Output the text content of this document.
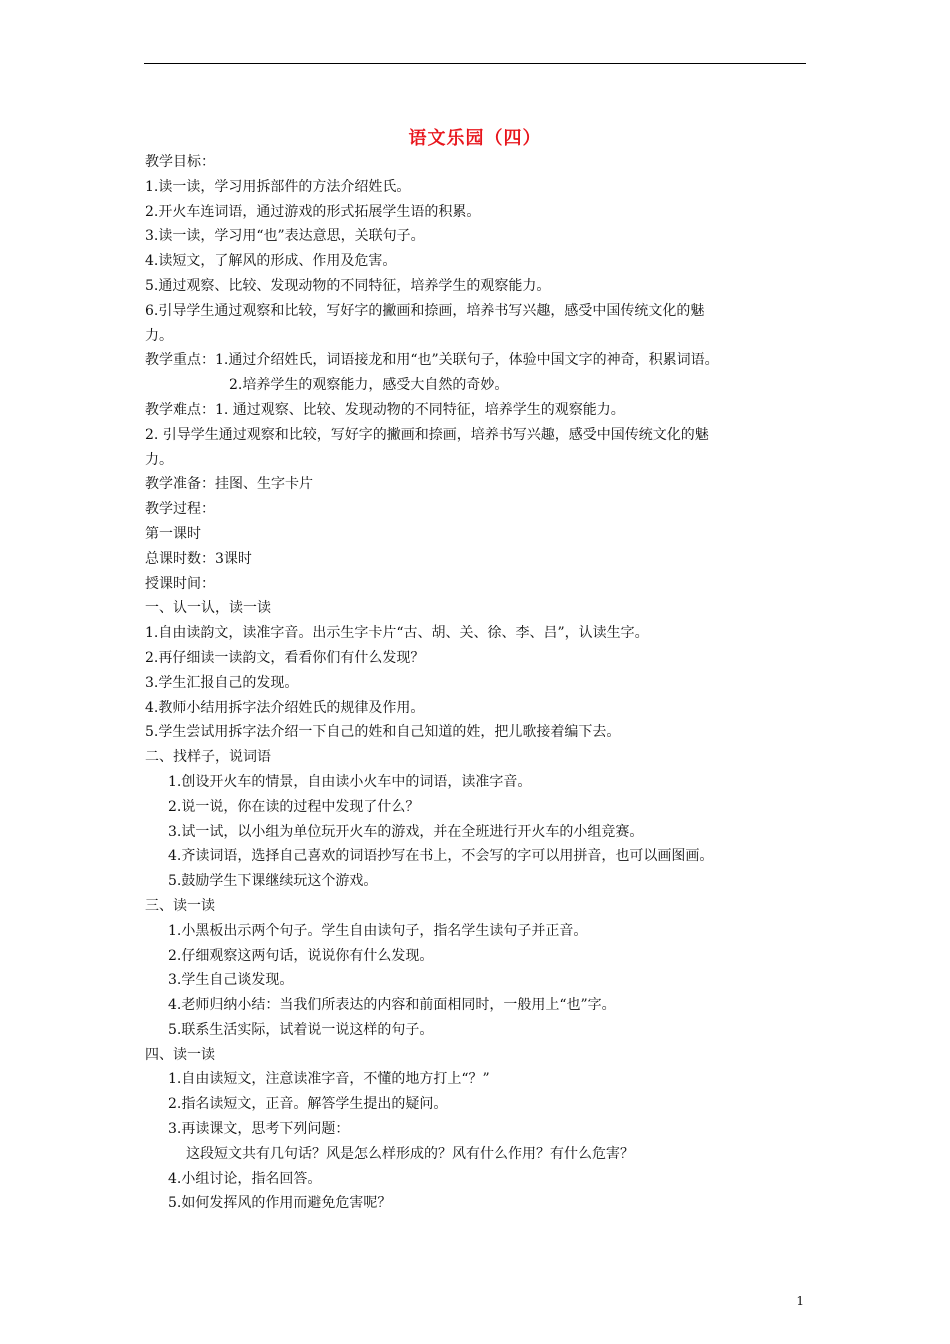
语文乐园（四）
教学目标：
1.读一读，学习用拆部件的方法介绍姓氏。
2.开火车连词语，通过游戏的形式拓展学生语的积累。
3.读一读，学习用“也”表达意思，关联句子。
4.读短文，了解风的形成、作用及危害。
5.通过观察、比较、发现动物的不同特征，培养学生的观察能力。
6.引导学生通过观察和比较，写好字的撇画和捺画，培养书写兴趣，感受中国传统文化的魅
力。
教学重点：1.通过介绍姓氏，词语接龙和用“也”关联句子，体验中国文字的神奇，积累词语。
2.培养学生的观察能力，感受大自然的奇妙。
教学难点：1. 通过观察、比较、发现动物的不同特征，培养学生的观察能力。
2. 引导学生通过观察和比较，写好字的撇画和捺画，培养书写兴趣，感受中国传统文化的魅
力。
教学准备：挂图、生字卡片
教学过程：
第一课时
总课时数：3课时
授课时间：
一、认一认，读一读
1.自由读韵文，读准字音。出示生字卡片“古、胡、关、徐、李、吕”，认读生字。
2.再仔细读一读韵文，看看你们有什么发现？
3.学生汇报自己的发现。
4.教师小结用拆字法介绍姓氏的规律及作用。
5.学生尝试用拆字法介绍一下自己的姓和自己知道的姓，把儿歌接着编下去。
二、找样子，说词语
1.创设开火车的情景，自由读小火车中的词语，读准字音。
2.说一说，你在读的过程中发现了什么？
3.试一试，以小组为单位玩开火车的游戏，并在全班进行开火车的小组竞赛。
4.齐读词语，选择自己喜欢的词语抄写在书上，不会写的字可以用拼音，也可以画图画。
5.鼓励学生下课继续玩这个游戏。
三、读一读
1.小黑板出示两个句子。学生自由读句子，指名学生读句子并正音。
2.仔细观察这两句话，说说你有什么发现。
3.学生自己谈发现。
4.老师归纳小结：当我们所表达的内容和前面相同时，一般用上“也”字。
5.联系生活实际，试着说一说这样的句子。
四、读一读
1.自由读短文，注意读准字音，不懂的地方打上“？”
2.指名读短文，正音。解答学生提出的疑问。
3.再读课文，思考下列问题：
这段短文共有几句话？风是怎么样形成的？风有什么作用？有什么危害？
4.小组讨论，指名回答。
5.如何发挥风的作用而避免危害呢？
1
